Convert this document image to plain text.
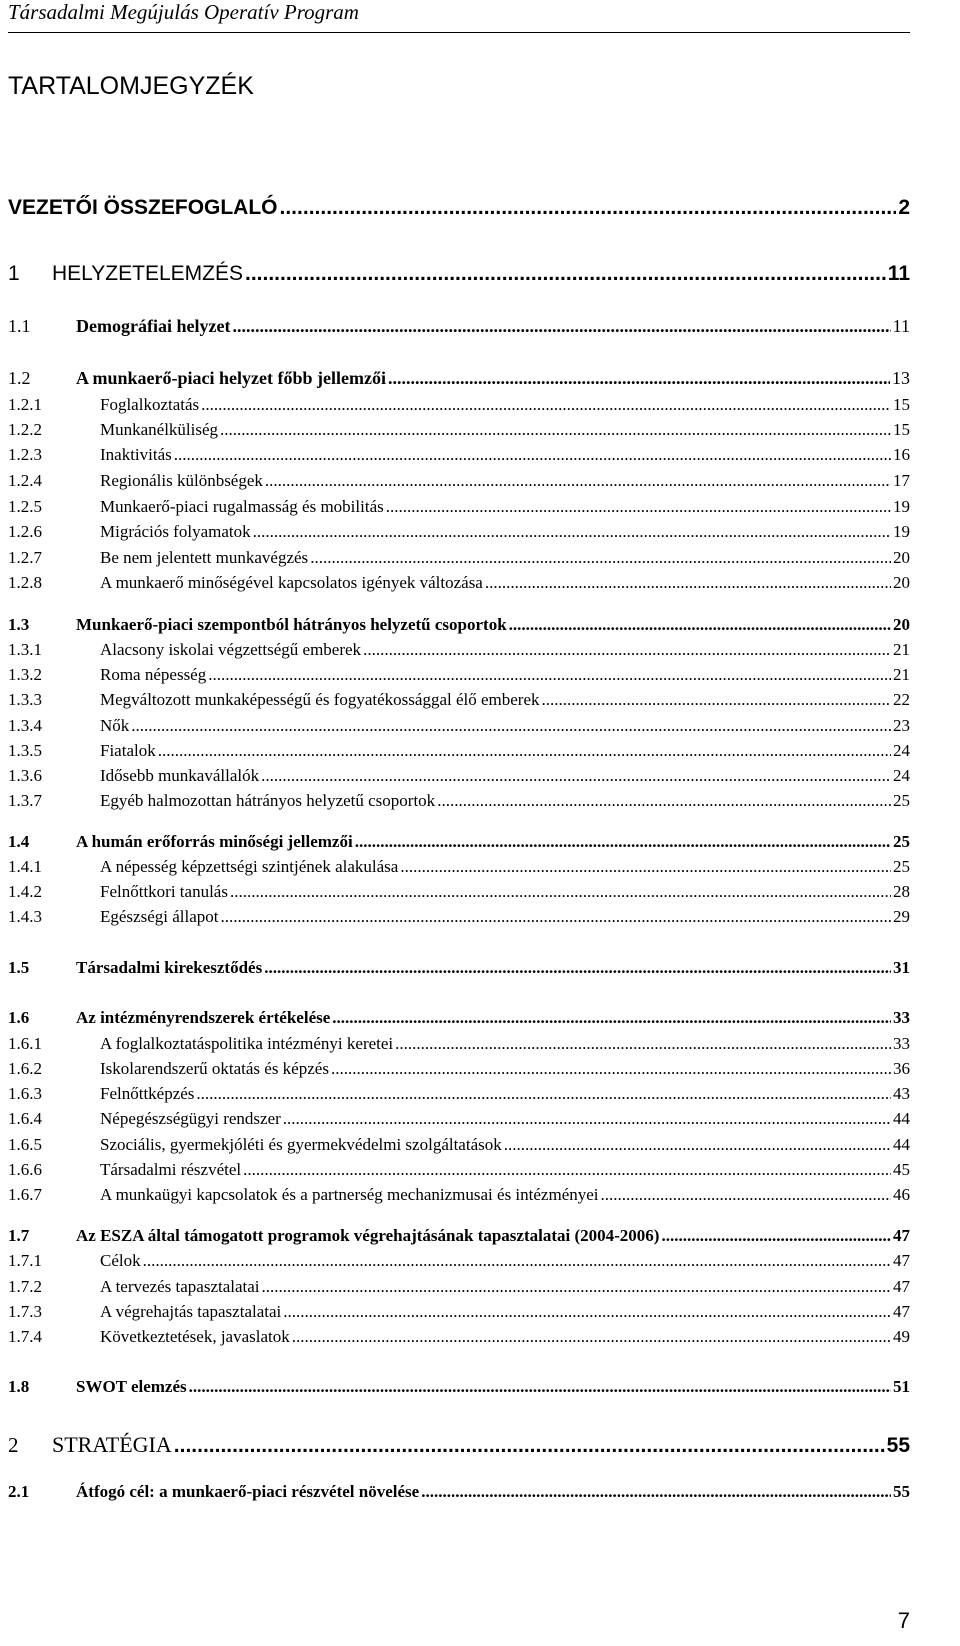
Társadalmi Megújulás Operatív Program
TARTALOMJEGYZÉK
VEZETŐI ÖSSZEFOGLALÓ .....	2
1	HELYZETELEMZÉS .....	11
1.1	Demográfiai helyzet .....	11
1.2	A munkaerő-piaci helyzet főbb jellemzői .....	13
1.2.1	Foglalkoztatás .....	15
1.2.2	Munkanélküliség .....	15
1.2.3	Inaktivitás .....	16
1.2.4	Regionális különbségek .....	17
1.2.5	Munkaerő-piaci rugalmasság és mobilitás .....	19
1.2.6	Migrációs folyamatok .....	19
1.2.7	Be nem jelentett munkavégzés .....	20
1.2.8	A munkaerő minőségével kapcsolatos igények változása .....	20
1.3	Munkaerő-piaci szempontból hátrányos helyzetű csoportok .....	20
1.3.1	Alacsony iskolai végzettségű emberek .....	21
1.3.2	Roma népesség .....	21
1.3.3	Megváltozott munkaképességű és fogyatékossággal élő emberek .....	22
1.3.4	Nők .....	23
1.3.5	Fiatalok .....	24
1.3.6	Idősebb munkavállalók .....	24
1.3.7	Egyéb halmozottan hátrányos helyzetű csoportok .....	25
1.4	A humán erőforrás minőségi jellemzői .....	25
1.4.1	A népesség képzettségi szintjének alakulása .....	25
1.4.2	Felnőttkori tanulás .....	28
1.4.3	Egészségi állapot .....	29
1.5	Társadalmi kirekesztődés .....	31
1.6	Az intézményrendszerek értékelése .....	33
1.6.1	A foglalkoztatáspolitika intézményi keretei .....	33
1.6.2	Iskolarendszerű oktatás és képzés .....	36
1.6.3	Felnőttképzés .....	43
1.6.4	Népegészségügyi rendszer .....	44
1.6.5	Szociális, gyermekjóléti és gyermekvédelmi szolgáltatások .....	44
1.6.6	Társadalmi részvétel .....	45
1.6.7	A munkaügyi kapcsolatok és a partnerség mechanizmusai és intézményei .....	46
1.7	Az ESZA által támogatott programok végrehajtásának tapasztalatai (2004-2006) .....	47
1.7.1	Célok .....	47
1.7.2	A tervezés tapasztalatai .....	47
1.7.3	A végrehajtás tapasztalatai .....	47
1.7.4	Következtetések, javaslatok .....	49
1.8	SWOT elemzés .....	51
2	STRATÉGIA .....	55
2.1	Átfogó cél: a munkaerő-piaci részvétel növelése .....	55
7
